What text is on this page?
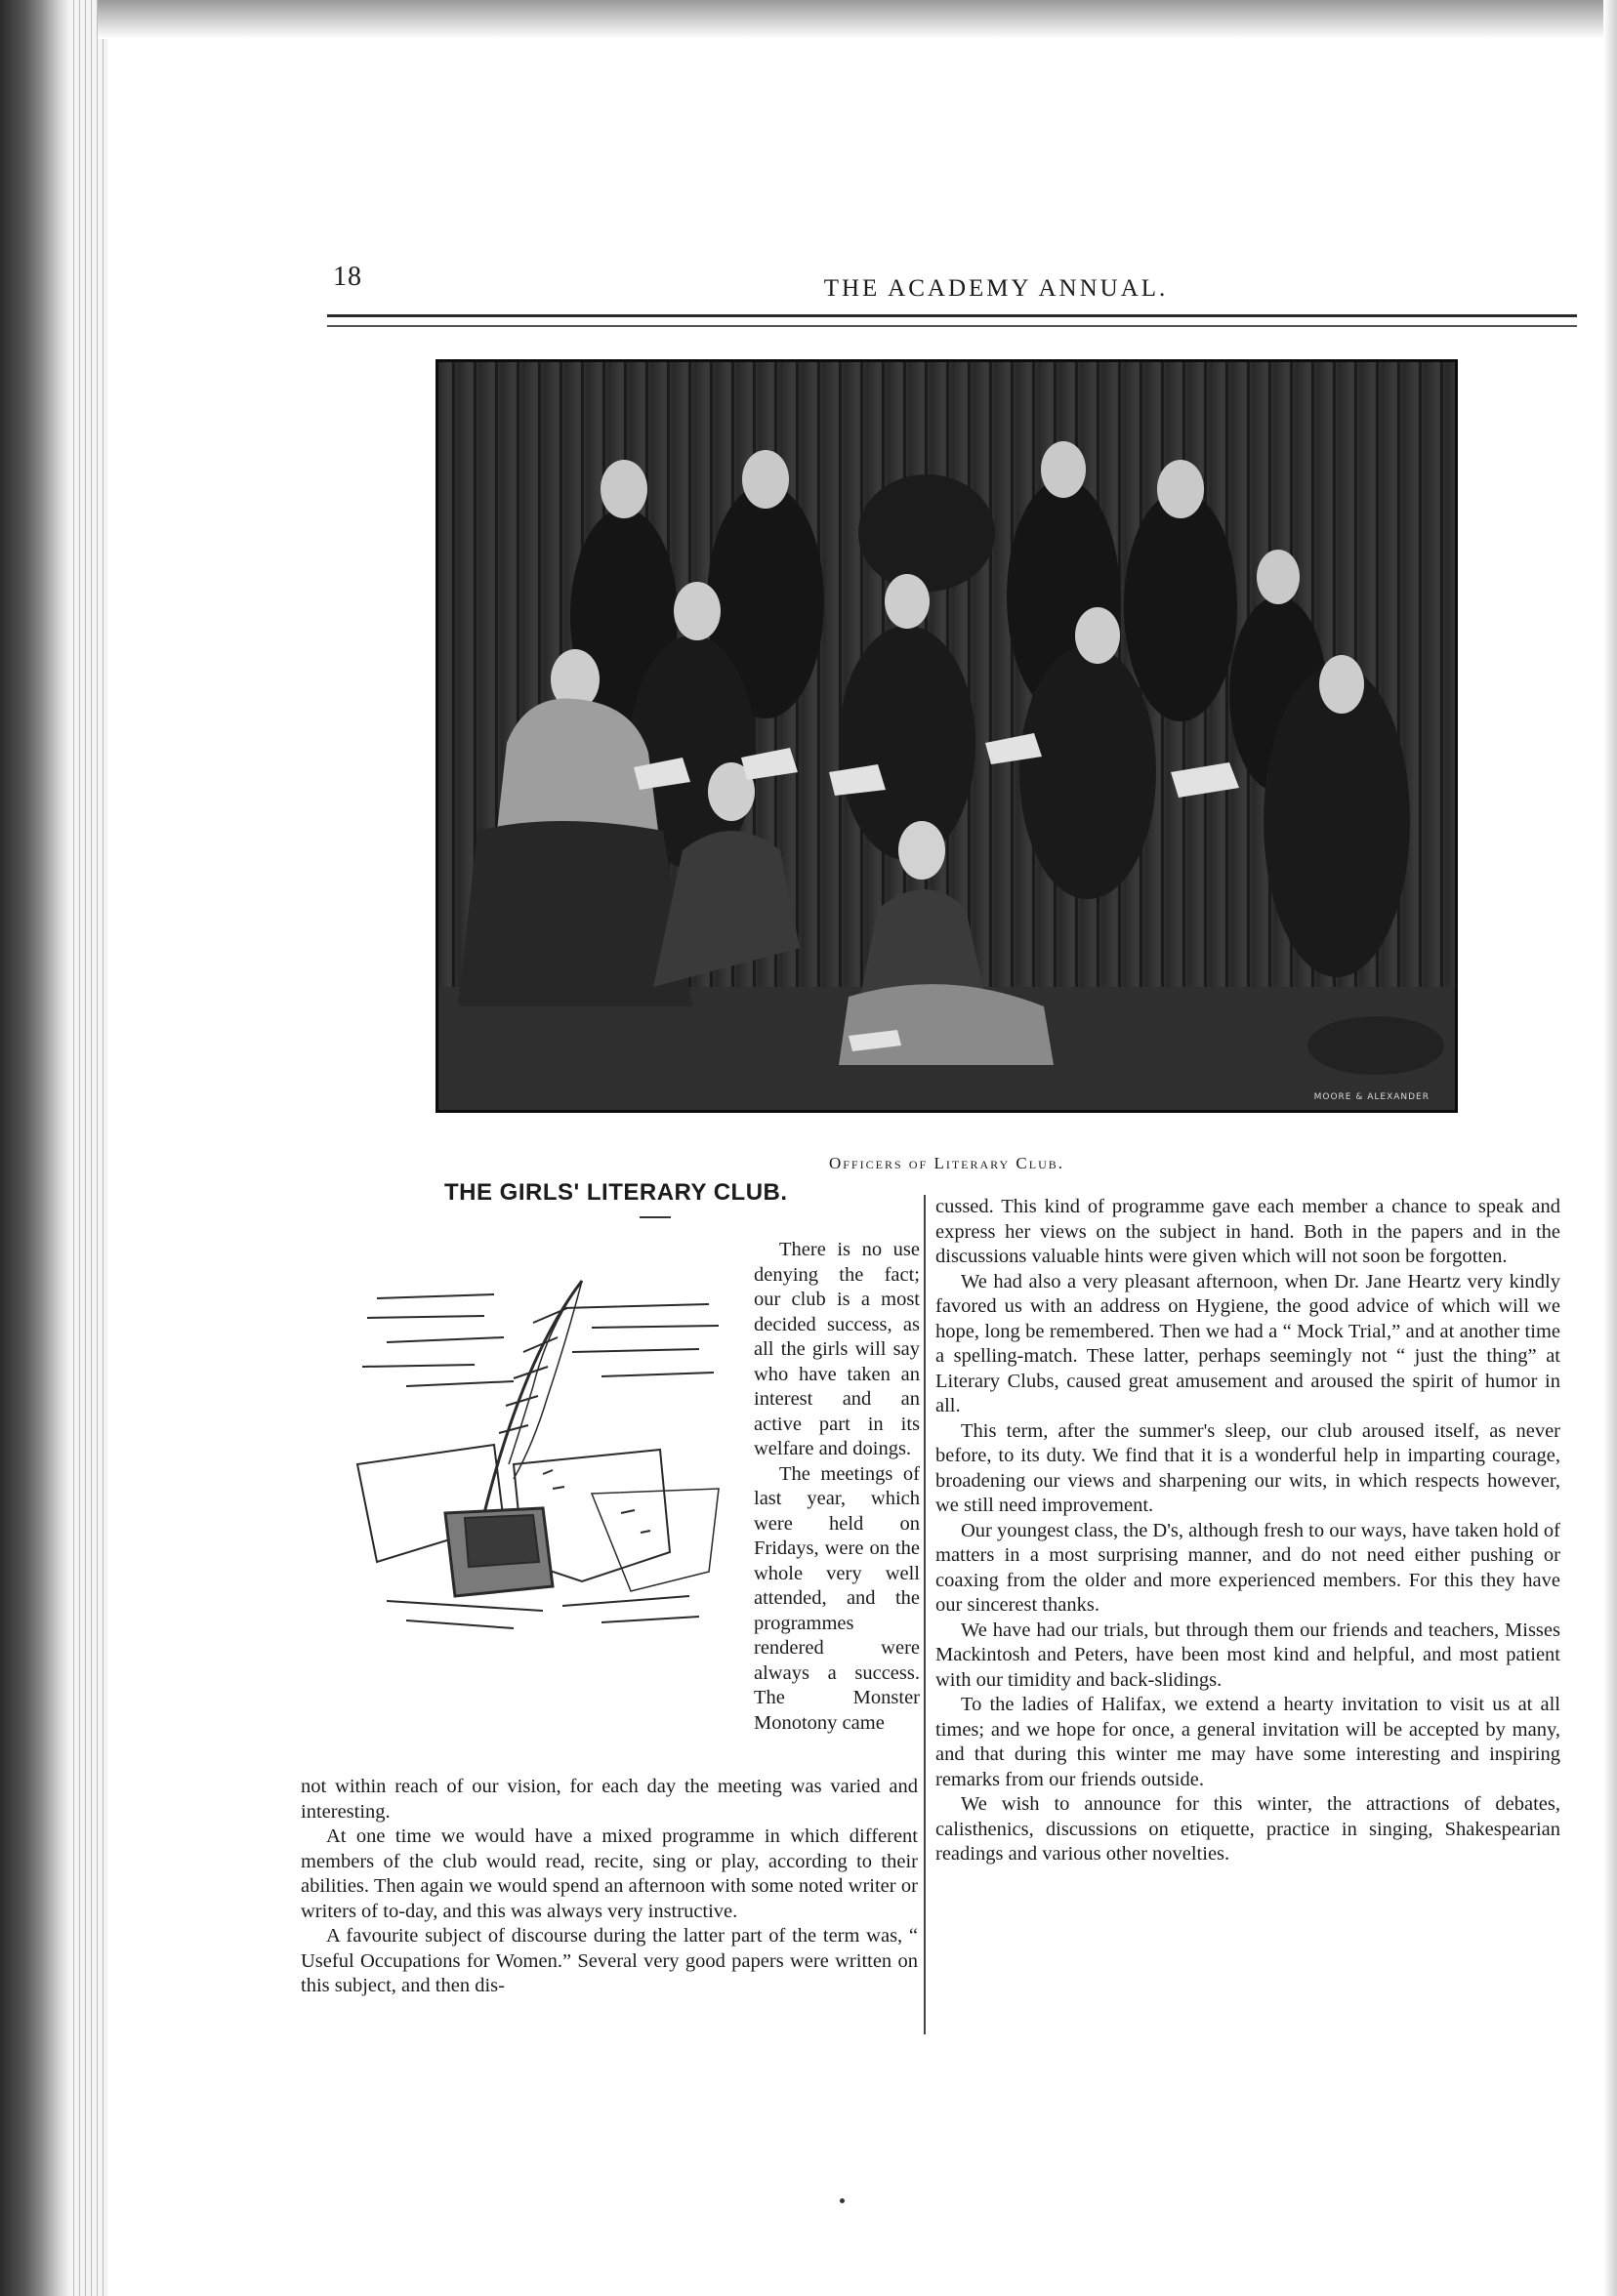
18	THE ACADEMY ANNUAL.
MOORE & ALEXANDER
Officers of Literary Club.
THE GIRLS' LITERARY CLUB.

There is no use denying the fact; our club is a most decided success, as all the girls will say who have taken an interest and an active part in its welfare and doings.

The meetings of last year, which were held on Fridays, were on the whole very well attended, and the programmes rendered were always a success. The Monster Monotony came

not within reach of our vision, for each day the meeting was varied and interesting.

At one time we would have a mixed programme in which different members of the club would read, recite, sing or play, according to their abilities. Then again we would spend an afternoon with some noted writer or writers of to-day, and this was always very instructive.

A favourite subject of discourse during the latter part of the term was, “ Useful Occupations for Women.” Several very good papers were written on this subject, and then dis-

cussed. This kind of programme gave each member a chance to speak and express her views on the subject in hand. Both in the papers and in the discussions valuable hints were given which will not soon be forgotten.

We had also a very pleasant afternoon, when Dr. Jane Heartz very kindly favored us with an address on Hygiene, the good advice of which will we hope, long be remembered. Then we had a “ Mock Trial,” and at another time a spelling-match. These latter, perhaps seemingly not “ just the thing” at Literary Clubs, caused great amusement and aroused the spirit of humor in all.

This term, after the summer's sleep, our club aroused itself, as never before, to its duty. We find that it is a wonderful help in imparting courage, broadening our views and sharpening our wits, in which respects however, we still need improvement.

Our youngest class, the D's, although fresh to our ways, have taken hold of matters in a most surprising manner, and do not need either pushing or coaxing from the older and more experienced members. For this they have our sincerest thanks.

We have had our trials, but through them our friends and teachers, Misses Mackintosh and Peters, have been most kind and helpful, and most patient with our timidity and back-slidings.

To the ladies of Halifax, we extend a hearty invitation to visit us at all times; and we hope for once, a general invitation will be accepted by many, and that during this winter me may have some interesting and inspiring remarks from our friends outside.

We wish to announce for this winter, the attractions of debates, calisthenics, discussions on etiquette, practice in singing, Shakespearian readings and various other novelties.
